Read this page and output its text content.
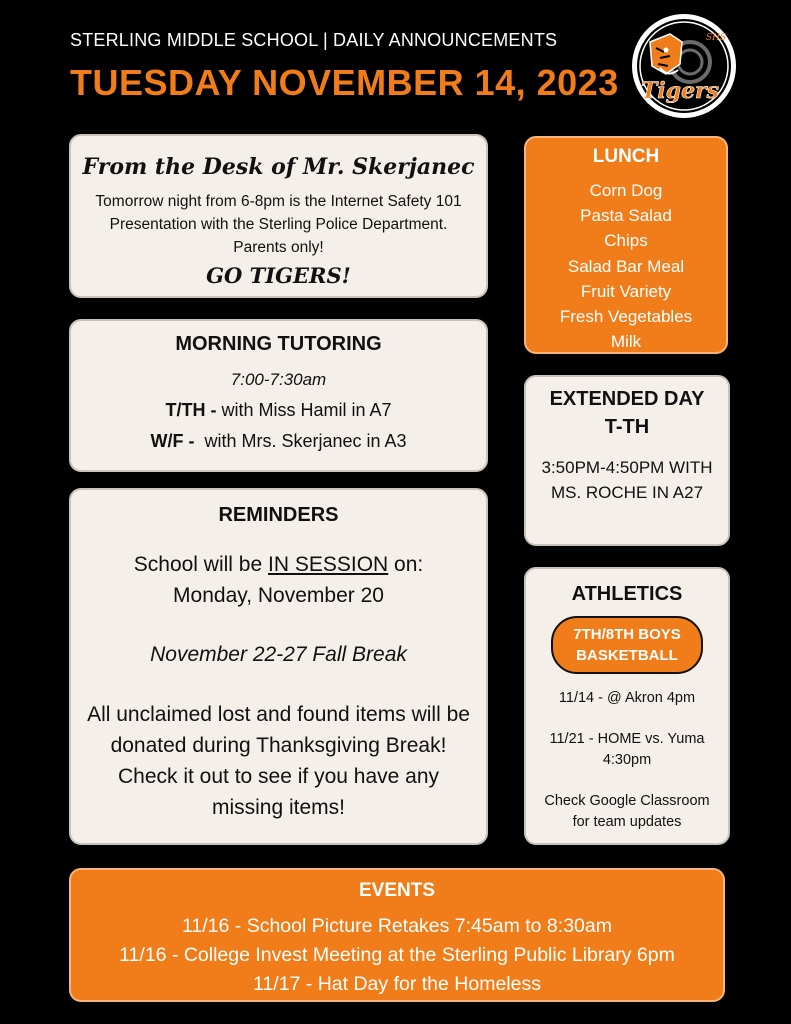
STERLING MIDDLE SCHOOL | DAILY ANNOUNCEMENTS
TUESDAY NOVEMBER 14, 2023
SHS
Tigers
From the Desk of Mr. Skerjanec
Tomorrow night from 6-8pm is the Internet Safety 101 Presentation with the Sterling Police Department. Parents only!
GO TIGERS!
MORNING TUTORING
7:00-7:30am
T/TH - with Miss Hamil in A7
W/F -  with Mrs. Skerjanec in A3
REMINDERS
School will be IN SESSION on:
Monday, November 20
November 22-27 Fall Break
All unclaimed lost and found items will be donated during Thanksgiving Break! Check it out to see if you have any missing items!
LUNCH
Corn Dog
Pasta Salad
Chips
Salad Bar Meal
Fruit Variety
Fresh Vegetables
Milk
EXTENDED DAY
T-TH
3:50PM-4:50PM WITH MS. ROCHE IN A27
ATHLETICS
7TH/8TH BOYS BASKETBALL
11/14 - @ Akron 4pm
11/21 - HOME vs. Yuma 4:30pm
Check Google Classroom for team updates
EVENTS
11/16 - School Picture Retakes 7:45am to 8:30am
11/16 - College Invest Meeting at the Sterling Public Library 6pm
11/17 - Hat Day for the Homeless
